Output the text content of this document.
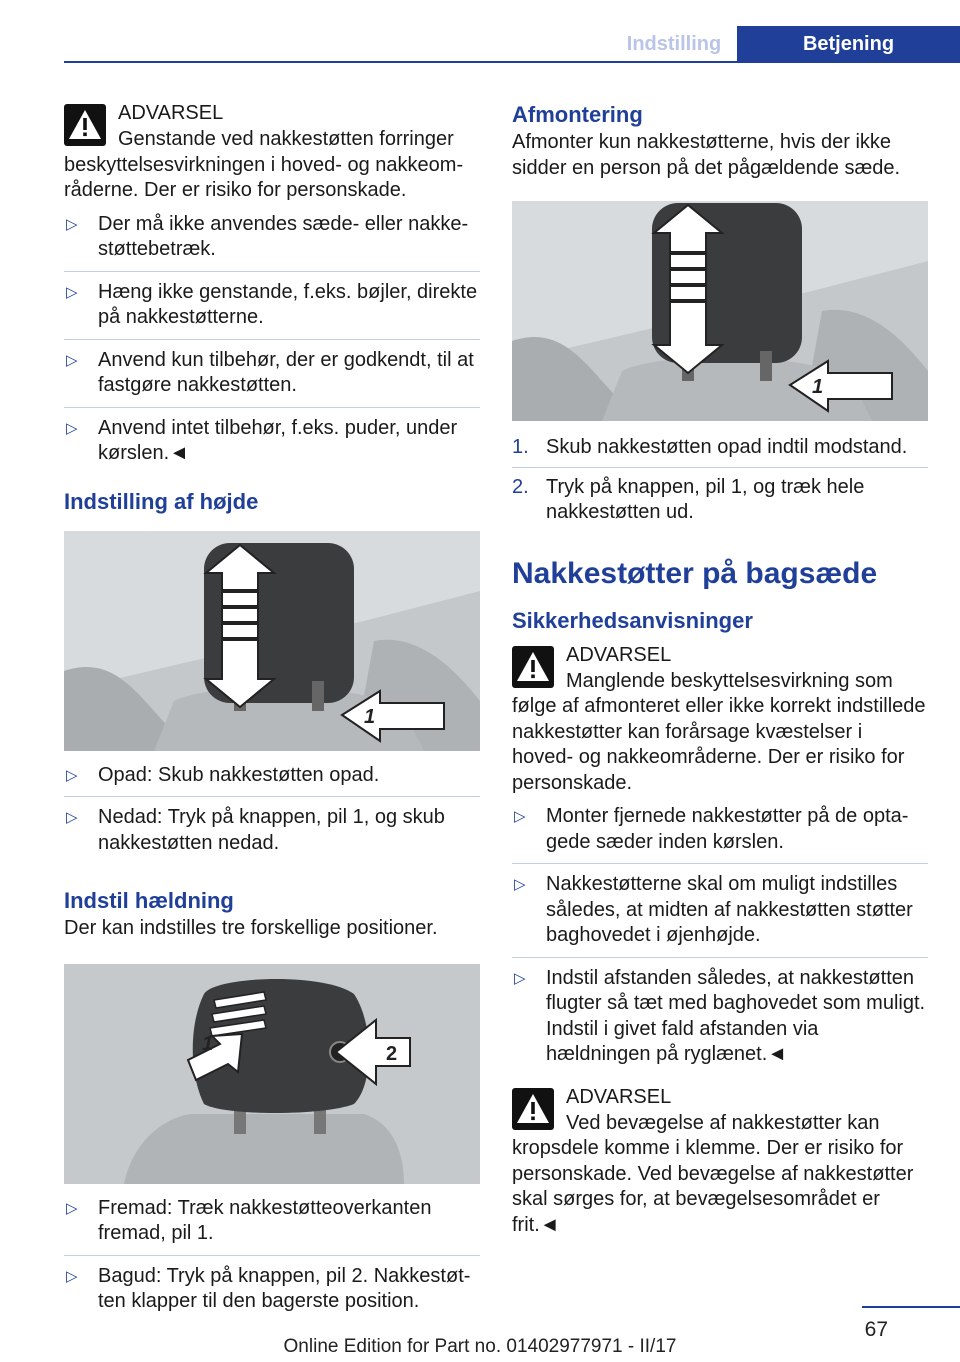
Indstilling	Betjening
ADVARSEL
Genstande ved nakkestøtten forringer beskyttelsesvirkningen i hoved- og nakkeområderne. Der er risiko for personskade.
▷ Der må ikke anvendes sæde- eller nakkestøttebetræk.
▷ Hæng ikke genstande, f.eks. bøjler, direkte på nakkestøtterne.
▷ Anvend kun tilbehør, der er godkendt, til at fastgøre nakkestøtten.
▷ Anvend intet tilbehør, f.eks. puder, under kørslen.◄
Indstilling af højde
1
▷ Opad: Skub nakkestøtten opad.
▷ Nedad: Tryk på knappen, pil 1, og skub nakkestøtten nedad.
Indstil hældning
Der kan indstilles tre forskellige positioner.
1	2
▷ Fremad: Træk nakkestøtteoverkanten fremad, pil 1.
▷ Bagud: Tryk på knappen, pil 2. Nakkestøtten klapper til den bagerste position.
Afmontering
Afmonter kun nakkestøtterne, hvis der ikke sidder en person på det pågældende sæde.
1
1. Skub nakkestøtten opad indtil modstand.
2. Tryk på knappen, pil 1, og træk hele nakkestøtten ud.
Nakkestøtter på bagsæde
Sikkerhedsanvisninger
ADVARSEL
Manglende beskyttelsesvirkning som følge af afmonteret eller ikke korrekt indstillede nakkestøtter kan forårsage kvæstelser i hoved- og nakkeområderne. Der er risiko for personskade.
▷ Monter fjernede nakkestøtter på de optagede sæder inden kørslen.
▷ Nakkestøtterne skal om muligt indstilles således, at midten af nakkestøtten støtter baghovedet i øjenhøjde.
▷ Indstil afstanden således, at nakkestøtten flugter så tæt med baghovedet som muligt. Indstil i givet fald afstanden via hældningen på ryglænet.◄
ADVARSEL
Ved bevægelse af nakkestøtter kan kropsdele komme i klemme. Der er risiko for personskade. Ved bevægelse af nakkestøtter skal sørges for, at bevægelsesområdet er frit.◄
67
Online Edition for Part no. 01402977971 - II/17
